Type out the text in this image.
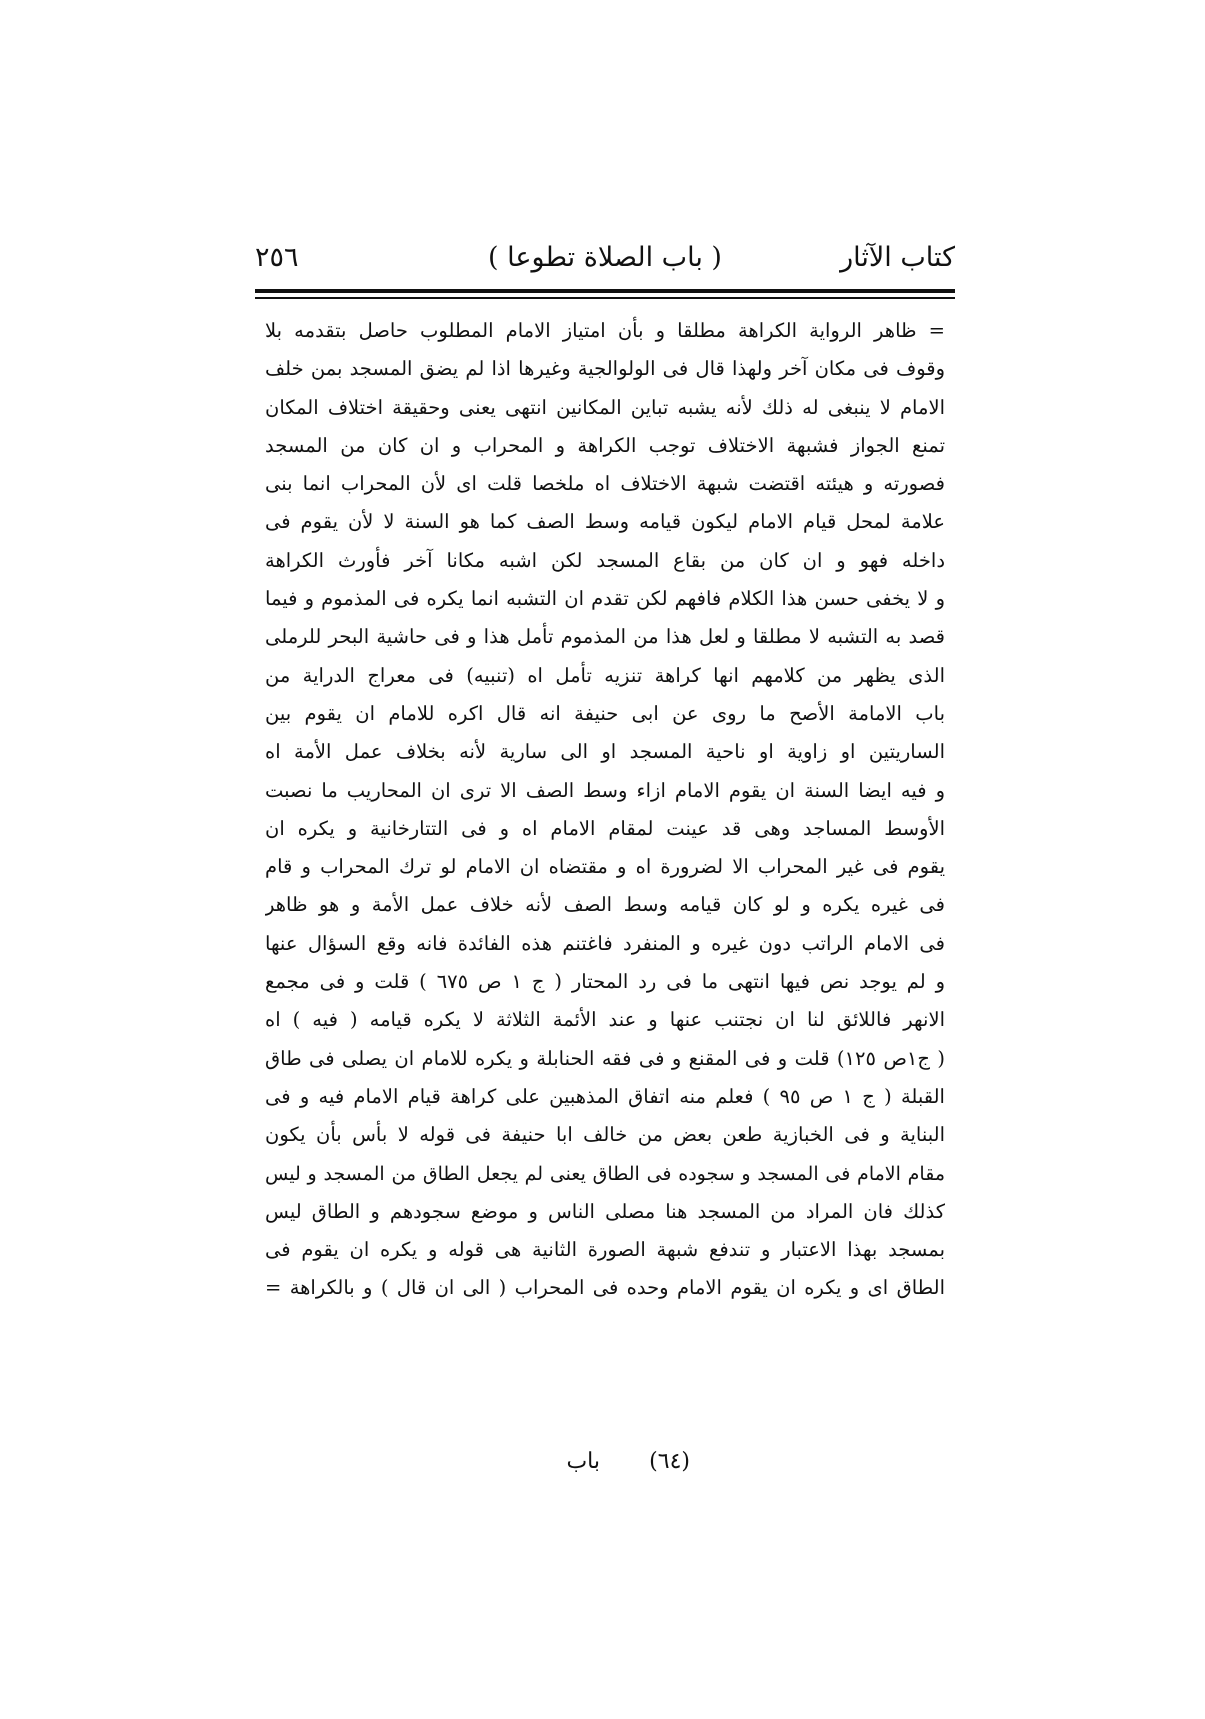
كتاب الآثار
( باب الصلاة تطوعا )
٢٥٦
= ظاهر الرواية الكراهة مطلقا و بأن امتياز الامام المطلوب حاصل بتقدمه بلا
وقوف فى مكان آخر ولهذا قال فى الولوالجية وغيرها اذا لم يضق المسجد بمن خلف
الامام لا ينبغى له ذلك لأنه يشبه تباين المكانين انتهى يعنى وحقيقة اختلاف المكان
تمنع الجواز فشبهة الاختلاف توجب الكراهة و المحراب و ان كان من المسجد
فصورته و هيئته اقتضت شبهة الاختلاف اه ملخصا قلت اى لأن المحراب انما بنى
علامة لمحل قيام الامام ليكون قيامه وسط الصف كما هو السنة لا لأن يقوم فى
داخله فهو و ان كان من بقاع المسجد لكن اشبه مكانا آخر فأورث الكراهة
و لا يخفى حسن هذا الكلام فافهم لكن تقدم ان التشبه انما يكره فى المذموم و فيما
قصد به التشبه لا مطلقا و لعل هذا من المذموم تأمل هذا و فى حاشية البحر للرملى
الذى يظهر من كلامهم انها كراهة تنزيه تأمل اه (تنبيه) فى معراج الدراية من
باب الامامة الأصح ما روى عن ابى حنيفة انه قال اكره للامام ان يقوم بين
الساريتين او زاوية او ناحية المسجد او الى سارية لأنه بخلاف عمل الأمة اه
و فيه ايضا السنة ان يقوم الامام ازاء وسط الصف الا ترى ان المحاريب ما نصبت
الأوسط المساجد وهى قد عينت لمقام الامام اه و فى التتارخانية و يكره ان
يقوم فى غير المحراب الا لضرورة اه و مقتضاه ان الامام لو ترك المحراب و قام
فى غيره يكره و لو كان قيامه وسط الصف لأنه خلاف عمل الأمة و هو ظاهر
فى الامام الراتب دون غيره و المنفرد فاغتنم هذه الفائدة فانه وقع السؤال عنها
و لم يوجد نص فيها انتهى ما فى رد المحتار ( ج ١ ص ٦٧٥ ) قلت و فى مجمع
الانهر فاللائق لنا ان نجتنب عنها و عند الأئمة الثلاثة لا يكره قيامه ( فيه ) اه
( ج١ص ١٢٥) قلت و فى المقنع و فى فقه الحنابلة و يكره للامام ان يصلى فى طاق
القبلة ( ج ١ ص ٩٥ ) فعلم منه اتفاق المذهبين على كراهة قيام الامام فيه و فى
البناية و فى الخبازية طعن بعض من خالف ابا حنيفة فى قوله لا بأس بأن يكون
مقام الامام فى المسجد و سجوده فى الطاق يعنى لم يجعل الطاق من المسجد و ليس
كذلك فان المراد من المسجد هنا مصلى الناس و موضع سجودهم و الطاق ليس
بمسجد بهذا الاعتبار و تندفع شبهة الصورة الثانية هى قوله و يكره ان يقوم فى
الطاق اى و يكره ان يقوم الامام وحده فى المحراب ( الى ان قال ) و بالكراهة =
باب (٦٤)
